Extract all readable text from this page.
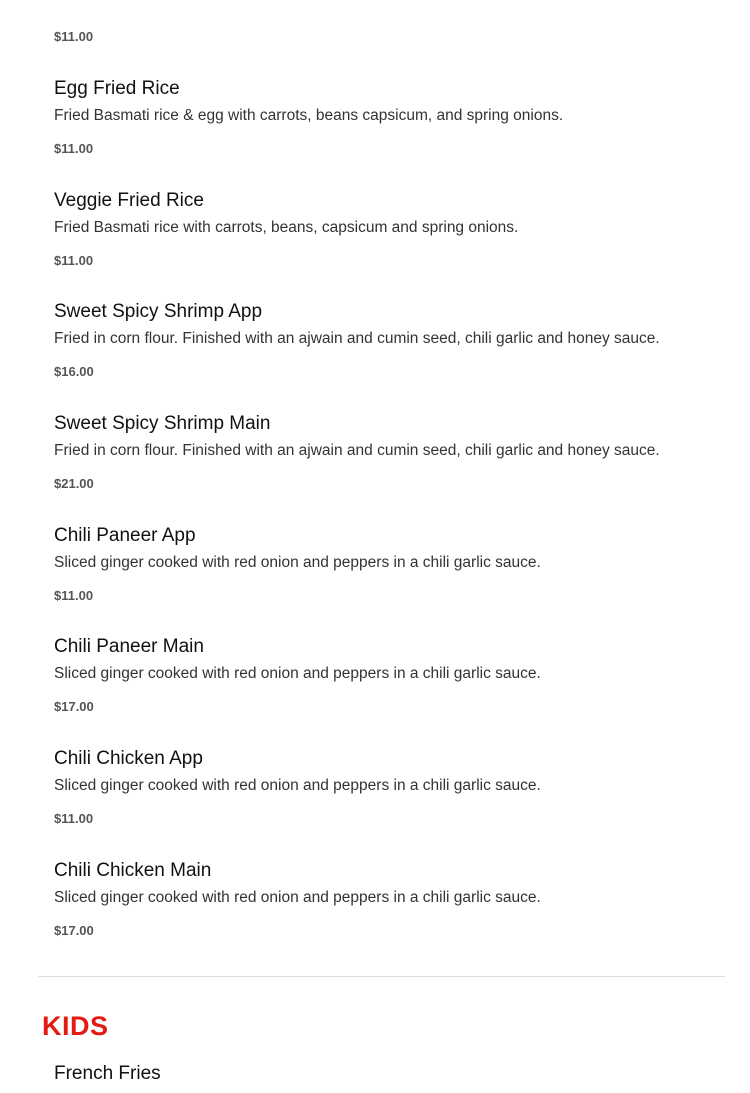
$11.00
Egg Fried Rice
Fried Basmati rice & egg with carrots, beans capsicum, and spring onions.
$11.00
Veggie Fried Rice
Fried Basmati rice with carrots, beans, capsicum and spring onions.
$11.00
Sweet Spicy Shrimp App
Fried in corn flour. Finished with an ajwain and cumin seed, chili garlic and honey sauce.
$16.00
Sweet Spicy Shrimp Main
Fried in corn flour. Finished with an ajwain and cumin seed, chili garlic and honey sauce.
$21.00
Chili Paneer App
Sliced ginger cooked with red onion and peppers in a chili garlic sauce.
$11.00
Chili Paneer Main
Sliced ginger cooked with red onion and peppers in a chili garlic sauce.
$17.00
Chili Chicken App
Sliced ginger cooked with red onion and peppers in a chili garlic sauce.
$11.00
Chili Chicken Main
Sliced ginger cooked with red onion and peppers in a chili garlic sauce.
$17.00
KIDS
French Fries
